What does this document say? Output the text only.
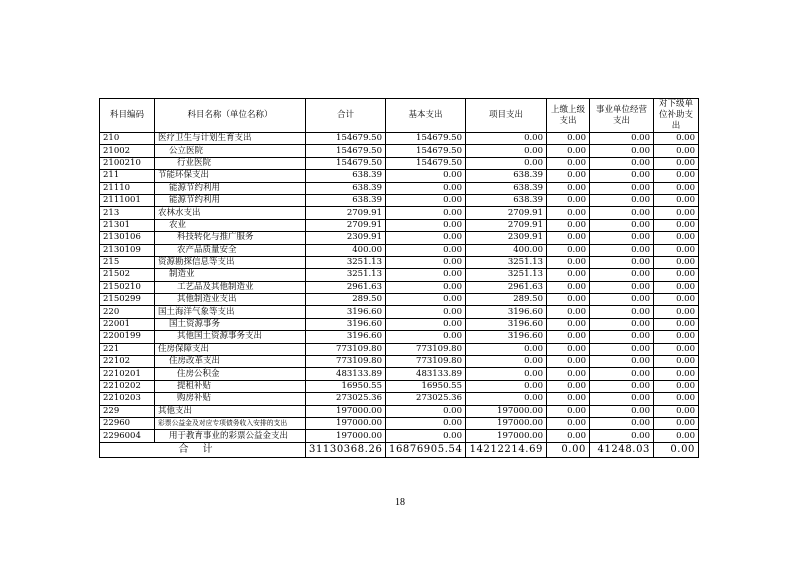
科目编码	科目名称（单位名称）	合计	基本支出	项目支出	上缴上级支出	事业单位经营支出	对下级单位补助支出
210	医疗卫生与计划生育支出	154679.50	154679.50	0.00	0.00	0.00	0.00
21002	公立医院	154679.50	154679.50	0.00	0.00	0.00	0.00
2100210	行业医院	154679.50	154679.50	0.00	0.00	0.00	0.00
211	节能环保支出	638.39	0.00	638.39	0.00	0.00	0.00
21110	能源节约利用	638.39	0.00	638.39	0.00	0.00	0.00
2111001	能源节约利用	638.39	0.00	638.39	0.00	0.00	0.00
213	农林水支出	2709.91	0.00	2709.91	0.00	0.00	0.00
21301	农业	2709.91	0.00	2709.91	0.00	0.00	0.00
2130106	科技转化与推广服务	2309.91	0.00	2309.91	0.00	0.00	0.00
2130109	农产品质量安全	400.00	0.00	400.00	0.00	0.00	0.00
215	资源勘探信息等支出	3251.13	0.00	3251.13	0.00	0.00	0.00
21502	制造业	3251.13	0.00	3251.13	0.00	0.00	0.00
2150210	工艺品及其他制造业	2961.63	0.00	2961.63	0.00	0.00	0.00
2150299	其他制造业支出	289.50	0.00	289.50	0.00	0.00	0.00
220	国土海洋气象等支出	3196.60	0.00	3196.60	0.00	0.00	0.00
22001	国土资源事务	3196.60	0.00	3196.60	0.00	0.00	0.00
2200199	其他国土资源事务支出	3196.60	0.00	3196.60	0.00	0.00	0.00
221	住房保障支出	773109.80	773109.80	0.00	0.00	0.00	0.00
22102	住房改革支出	773109.80	773109.80	0.00	0.00	0.00	0.00
2210201	住房公积金	483133.89	483133.89	0.00	0.00	0.00	0.00
2210202	提租补贴	16950.55	16950.55	0.00	0.00	0.00	0.00
2210203	购房补贴	273025.36	273025.36	0.00	0.00	0.00	0.00
229	其他支出	197000.00	0.00	197000.00	0.00	0.00	0.00
22960	彩票公益金及对应专项债务收入安排的支出	197000.00	0.00	197000.00	0.00	0.00	0.00
2296004	用于教育事业的彩票公益金支出	197000.00	0.00	197000.00	0.00	0.00	0.00
合计		31130368.26	16876905.54	14212214.69	0.00	41248.03	0.00
18
